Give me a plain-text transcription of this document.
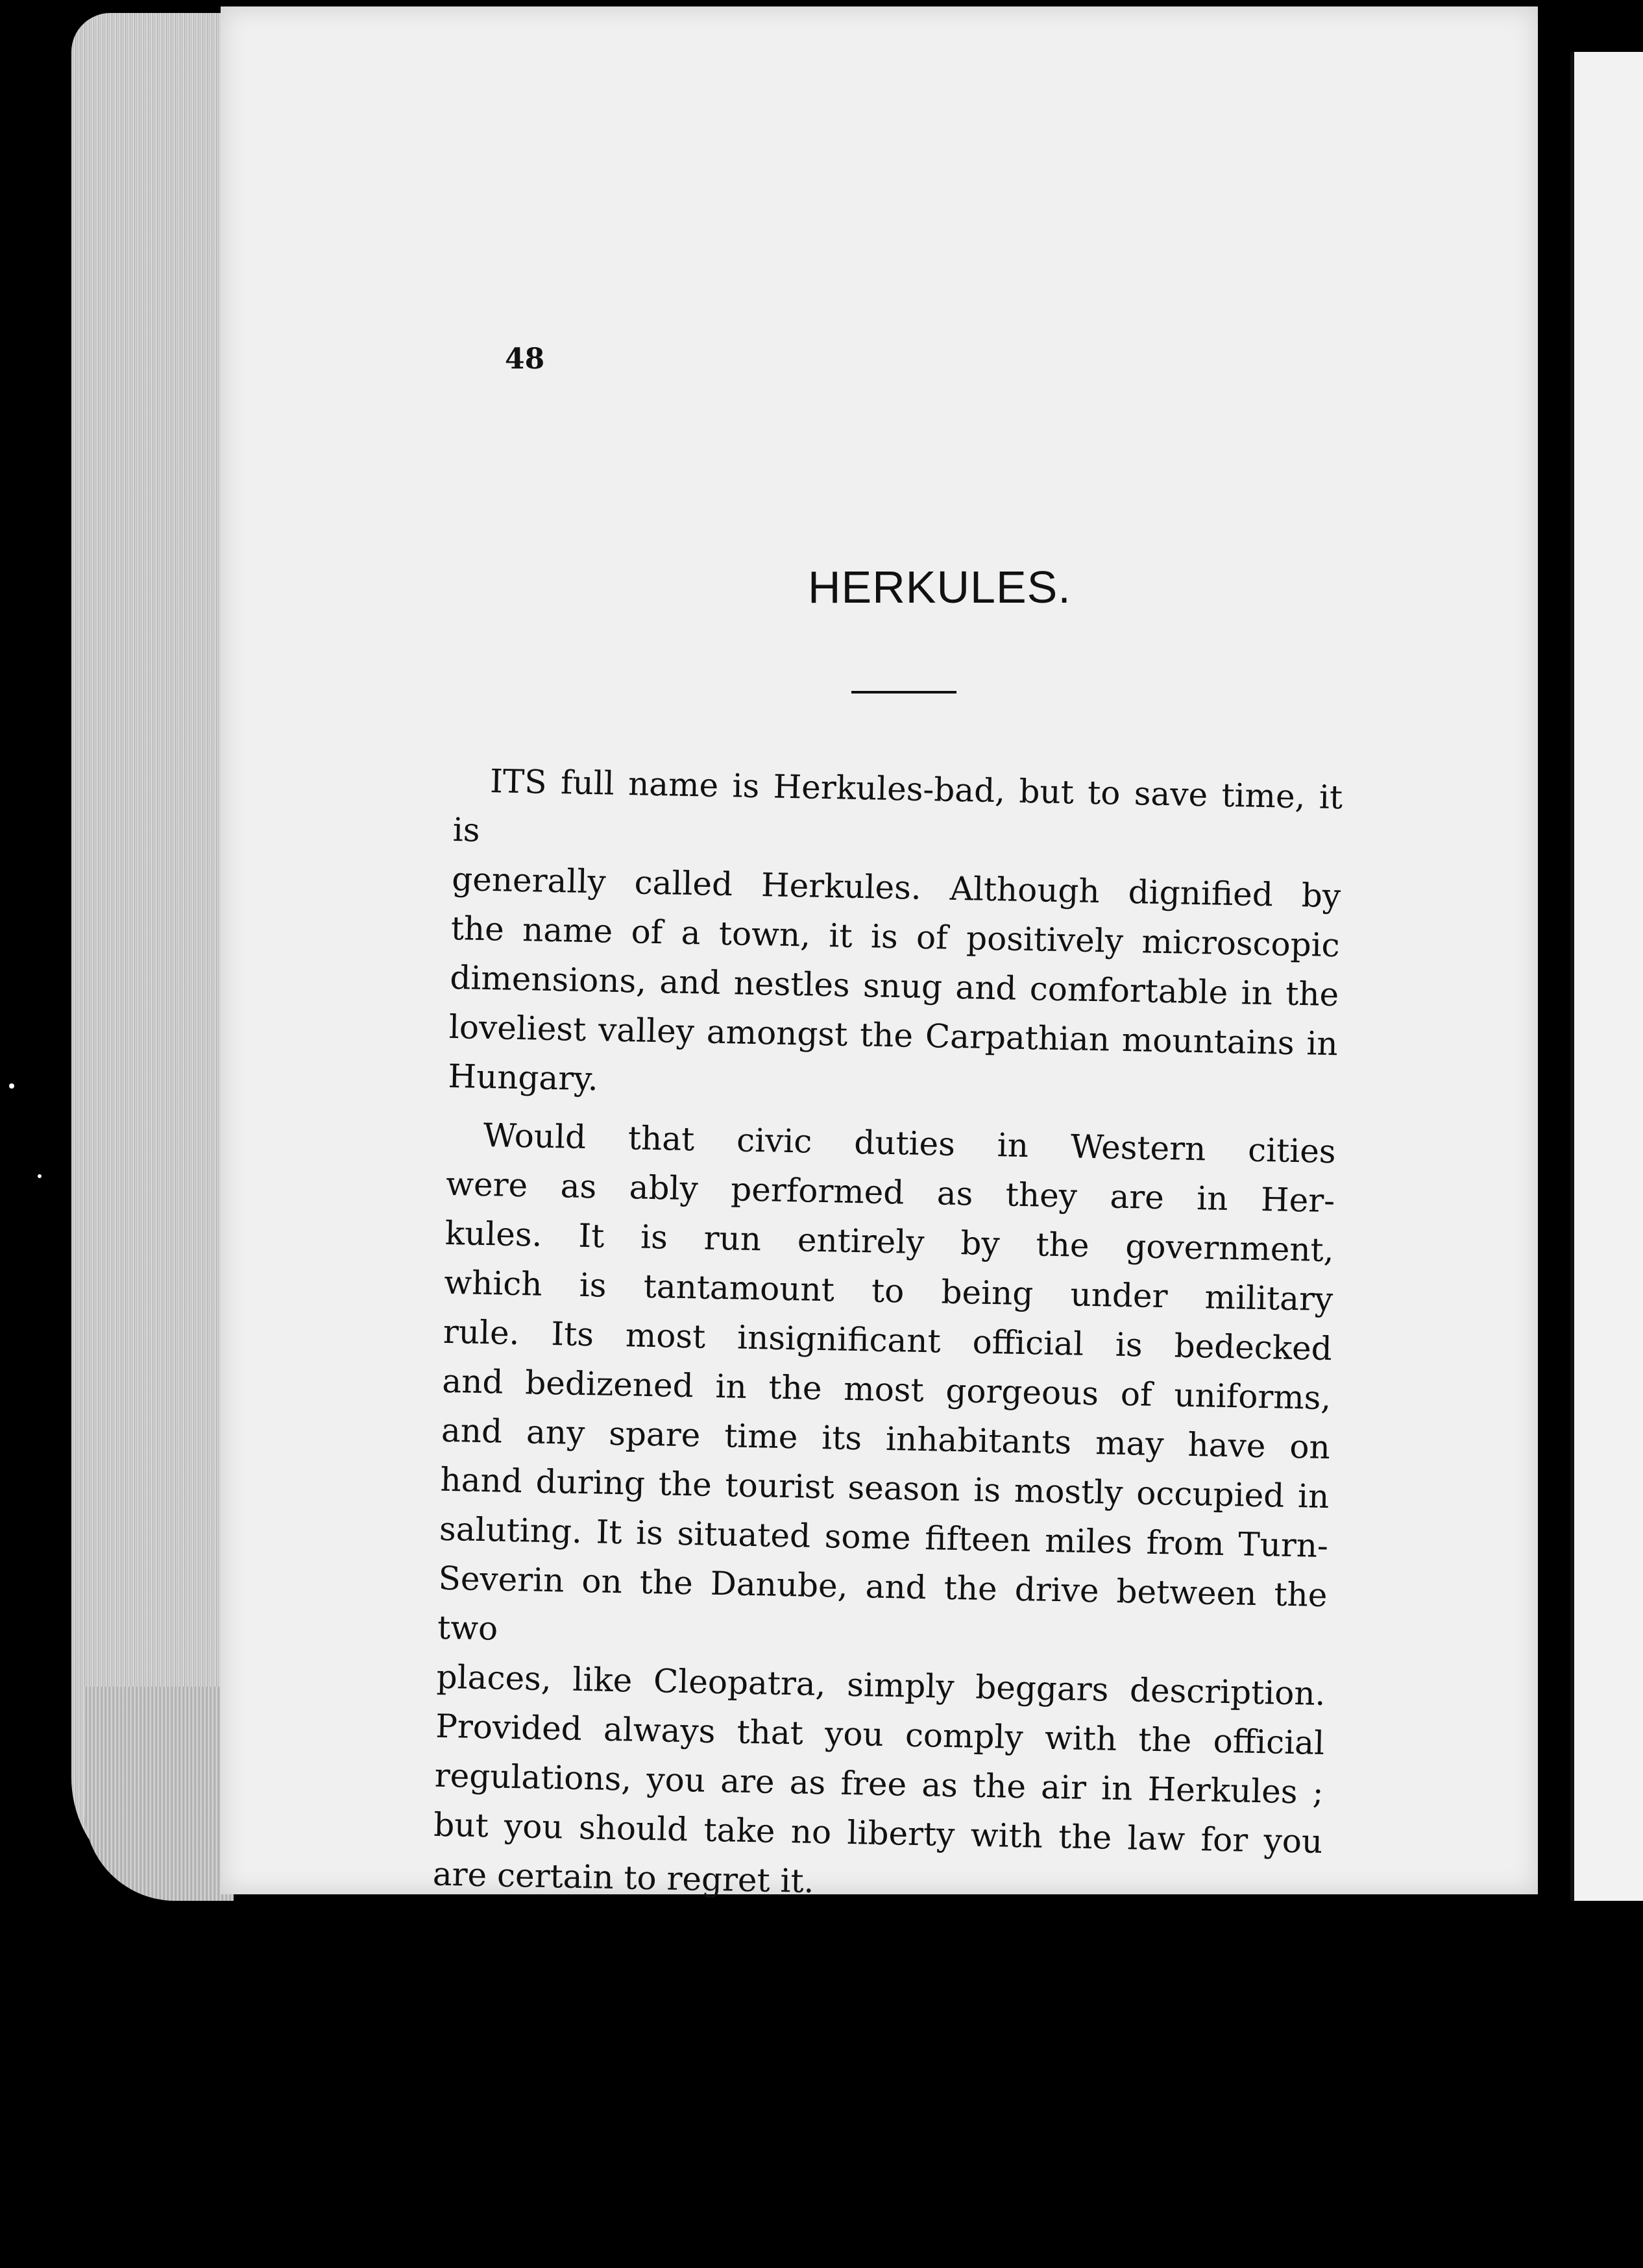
48
HERKULES.
ITS full name is Herkules-bad, but to save time, it is
generally called Herkules. Although dignified by
the name of a town, it is of positively microscopic
dimensions, and nestles snug and comfortable in the
loveliest valley amongst the Carpathian mountains in
Hungary.
Would that civic duties in Western cities
were as ably performed as they are in Her-
kules. It is run entirely by the government,
which is tantamount to being under military
rule. Its most insignificant official is bedecked
and bedizened in the most gorgeous of uniforms,
and any spare time its inhabitants may have on
hand during the tourist season is mostly occupied in
saluting. It is situated some fifteen miles from Turn-
Severin on the Danube, and the drive between the two
places, like Cleopatra, simply beggars description.
Provided always that you comply with the official
regulations, you are as free as the air in Herkules ;
but you should take no liberty with the law for you
are certain to regret it.
